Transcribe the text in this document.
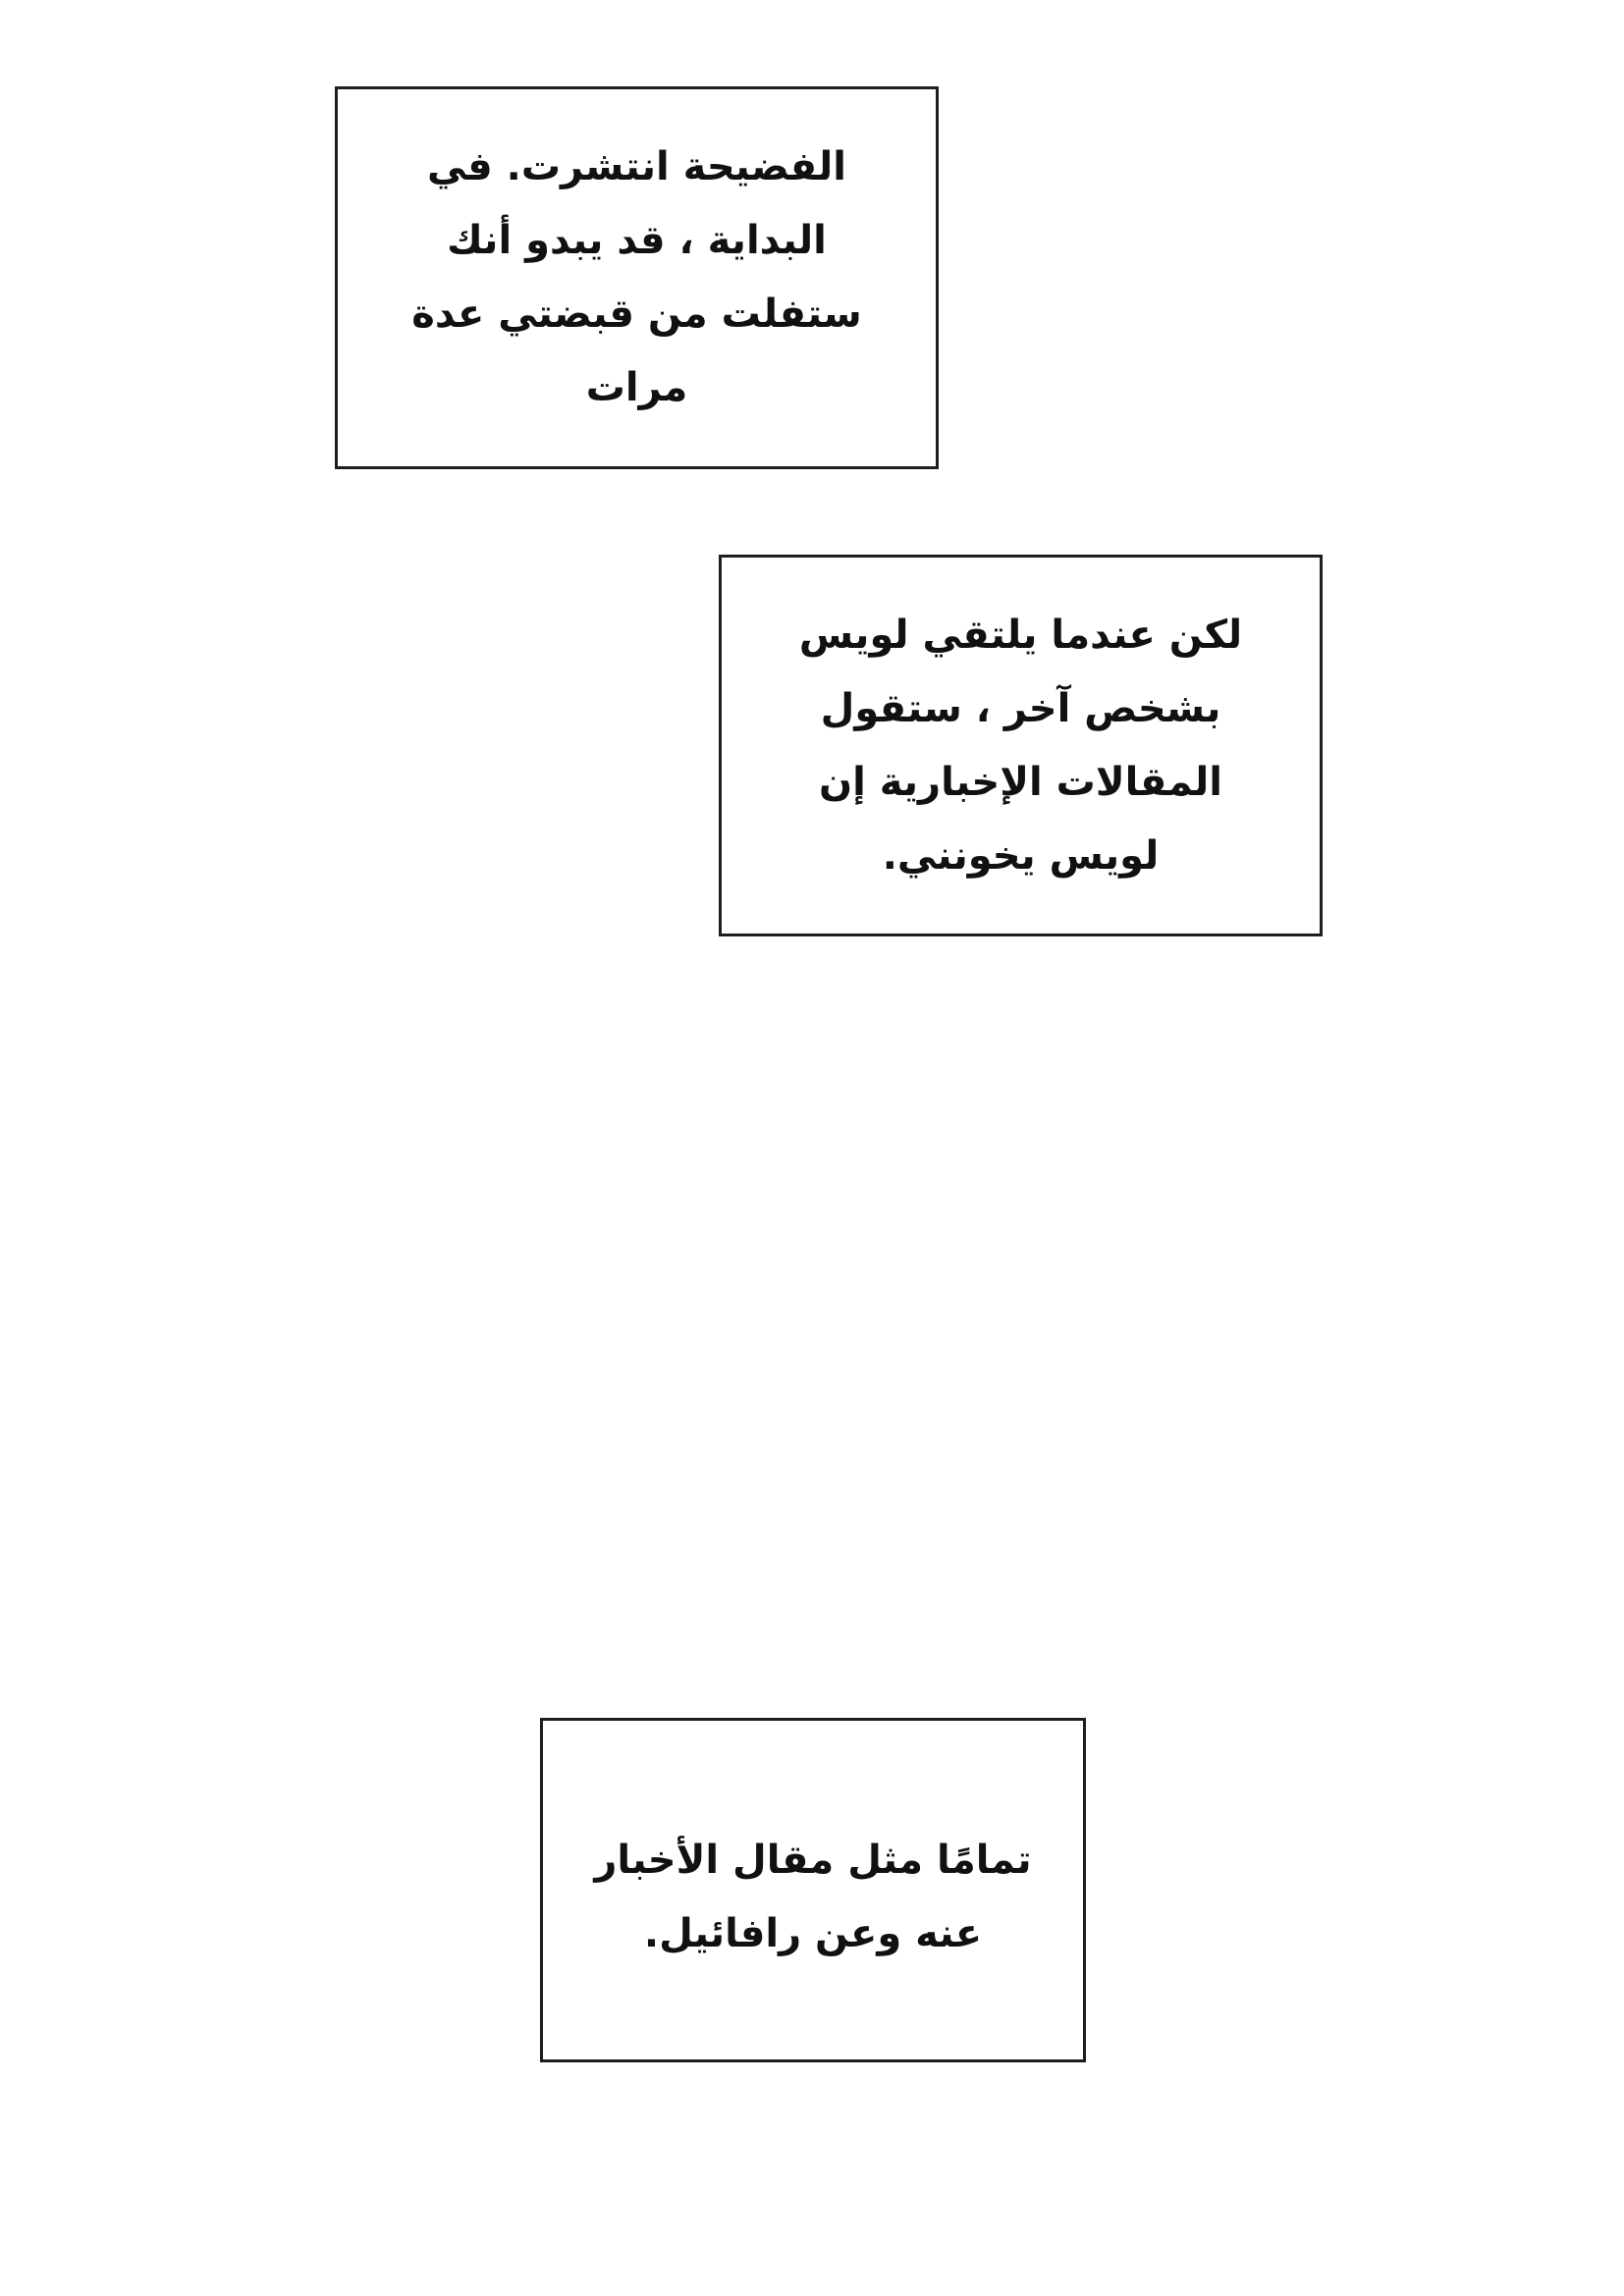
الفضيحة انتشرت. في
البداية ، قد يبدو أنك
ستفلت من قبضتي عدة
مرات

لكن عندما يلتقي لويس
بشخص آخر ، ستقول
المقالات الإخبارية إن
لويس يخونني.

تمامًا مثل مقال الأخبار
عنه وعن رافائيل.
